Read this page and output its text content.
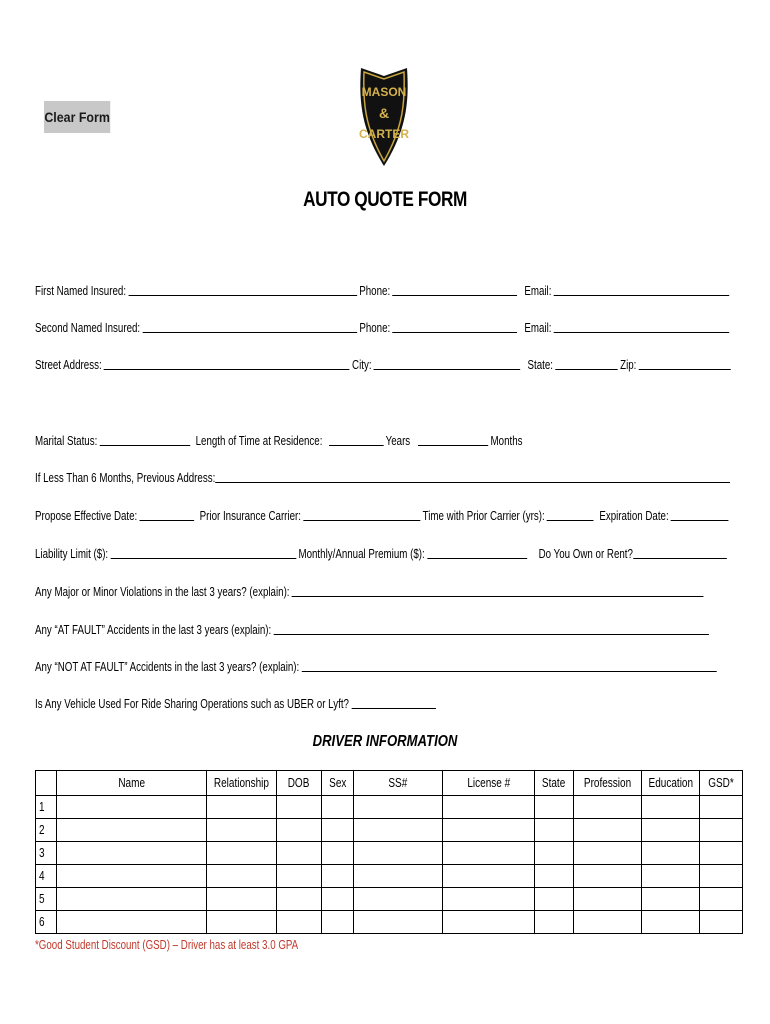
Clear Form
MASON
&
CARTER
AUTO QUOTE FORM
First Named Insured:	Phone:	Email:
Second Named Insured:	Phone:	Email:
Street Address:	City:	State:	Zip:
Marital Status:	Length of Time at Residence:	Years	Months
If Less Than 6 Months, Previous Address:
Propose Effective Date:	Prior Insurance Carrier:	Time with Prior Carrier (yrs):	Expiration Date:
Liability Limit ($):	Monthly/Annual Premium ($):	Do You Own or Rent?
Any Major or Minor Violations in the last 3 years? (explain):
Any “AT FAULT” Accidents in the last 3 years (explain):
Any “NOT AT FAULT” Accidents in the last 3 years? (explain):
Is Any Vehicle Used For Ride Sharing Operations such as UBER or Lyft?
DRIVER INFORMATION
	Name	Relationship	DOB	Sex	SS#	License #	State	Profession	Education	GSD*
1										
2										
3										
4										
5										
6										
*Good Student Discount (GSD) – Driver has at least 3.0 GPA
